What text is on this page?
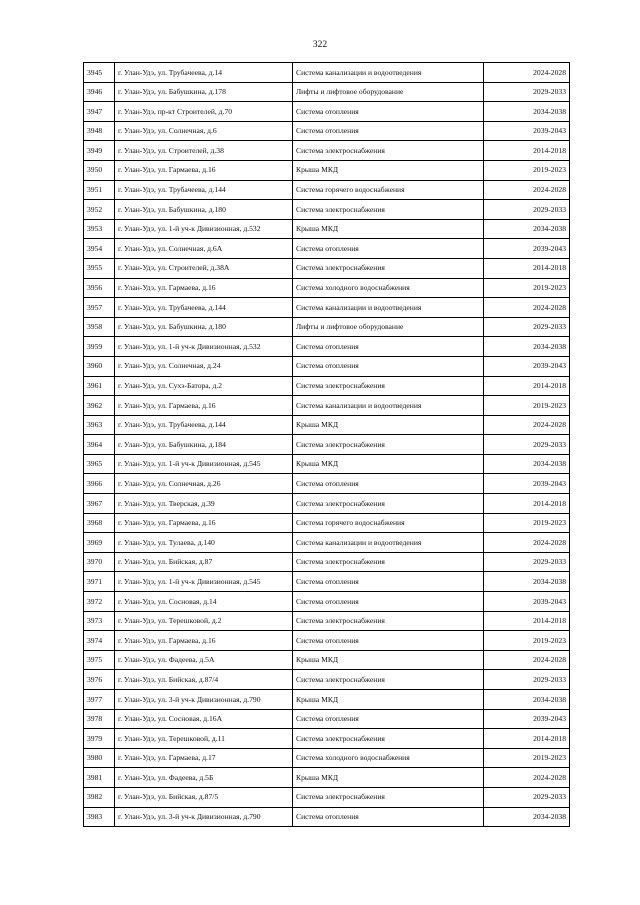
322
3945	г. Улан-Удэ, ул. Трубачеева, д.14	Система канализации и водоотведения	2024-2028
3946	г. Улан-Удэ, ул. Бабушкина, д.178	Лифты и лифтовое оборудование	2029-2033
3947	г. Улан-Удэ, пр-кт Строителей, д.70	Система отопления	2034-2038
3948	г. Улан-Удэ, ул. Солнечная, д.6	Система отопления	2039-2043
3949	г. Улан-Удэ, ул. Строителей, д.38	Система электроснабжения	2014-2018
3950	г. Улан-Удэ, ул. Гармаева, д.16	Крыша МКД	2019-2023
3951	г. Улан-Удэ, ул. Трубачеева, д.144	Система горячего водоснабжения	2024-2028
3952	г. Улан-Удэ, ул. Бабушкина, д.180	Система электроснабжения	2029-2033
3953	г. Улан-Удэ, ул. 1-й уч-к Дивизионная, д.532	Крыша МКД	2034-2038
3954	г. Улан-Удэ, ул. Солнечная, д.6А	Система отопления	2039-2043
3955	г. Улан-Удэ, ул. Строителей, д.38А	Система электроснабжения	2014-2018
3956	г. Улан-Удэ, ул. Гармаева, д.16	Система холодного водоснабжения	2019-2023
3957	г. Улан-Удэ, ул. Трубачеева, д.144	Система канализации и водоотведения	2024-2028
3958	г. Улан-Удэ, ул. Бабушкина, д.180	Лифты и лифтовое оборудование	2029-2033
3959	г. Улан-Удэ, ул. 1-й уч-к Дивизионная, д.532	Система отопления	2034-2038
3960	г. Улан-Удэ, ул. Солнечная, д.24	Система отопления	2039-2043
3961	г. Улан-Удэ, ул. Сухэ-Батора, д.2	Система электроснабжения	2014-2018
3962	г. Улан-Удэ, ул. Гармаева, д.16	Система канализации и водоотведения	2019-2023
3963	г. Улан-Удэ, ул. Трубачеева, д.144	Крыша МКД	2024-2028
3964	г. Улан-Удэ, ул. Бабушкина, д.184	Система электроснабжения	2029-2033
3965	г. Улан-Удэ, ул. 1-й уч-к Дивизионная, д.545	Крыша МКД	2034-2038
3966	г. Улан-Удэ, ул. Солнечная, д.26	Система отопления	2039-2043
3967	г. Улан-Удэ, ул. Тверская, д.39	Система электроснабжения	2014-2018
3968	г. Улан-Удэ, ул. Гармаева, д.16	Система горячего водоснабжения	2019-2023
3969	г. Улан-Удэ, ул. Тулаева, д.140	Система канализации и водоотведения	2024-2028
3970	г. Улан-Удэ, ул. Бийская, д.87	Система электроснабжения	2029-2033
3971	г. Улан-Удэ, ул. 1-й уч-к Дивизионная, д.545	Система отопления	2034-2038
3972	г. Улан-Удэ, ул. Сосновая, д.14	Система отопления	2039-2043
3973	г. Улан-Удэ, ул. Терешковой, д.2	Система электроснабжения	2014-2018
3974	г. Улан-Удэ, ул. Гармаева, д.16	Система отопления	2019-2023
3975	г. Улан-Удэ, ул. Фадеева, д.5А	Крыша МКД	2024-2028
3976	г. Улан-Удэ, ул. Бийская, д.87/4	Система электроснабжения	2029-2033
3977	г. Улан-Удэ, ул. 3-й уч-к Дивизионная, д.790	Крыша МКД	2034-2038
3978	г. Улан-Удэ, ул. Сосновая, д.16А	Система отопления	2039-2043
3979	г. Улан-Удэ, ул. Терешковой, д.11	Система электроснабжения	2014-2018
3980	г. Улан-Удэ, ул. Гармаева, д.17	Система холодного водоснабжения	2019-2023
3981	г. Улан-Удэ, ул. Фадеева, д.5Б	Крыша МКД	2024-2028
3982	г. Улан-Удэ, ул. Бийская, д.87/5	Система электроснабжения	2029-2033
3983	г. Улан-Удэ, ул. 3-й уч-к Дивизионная, д.790	Система отопления	2034-2038
